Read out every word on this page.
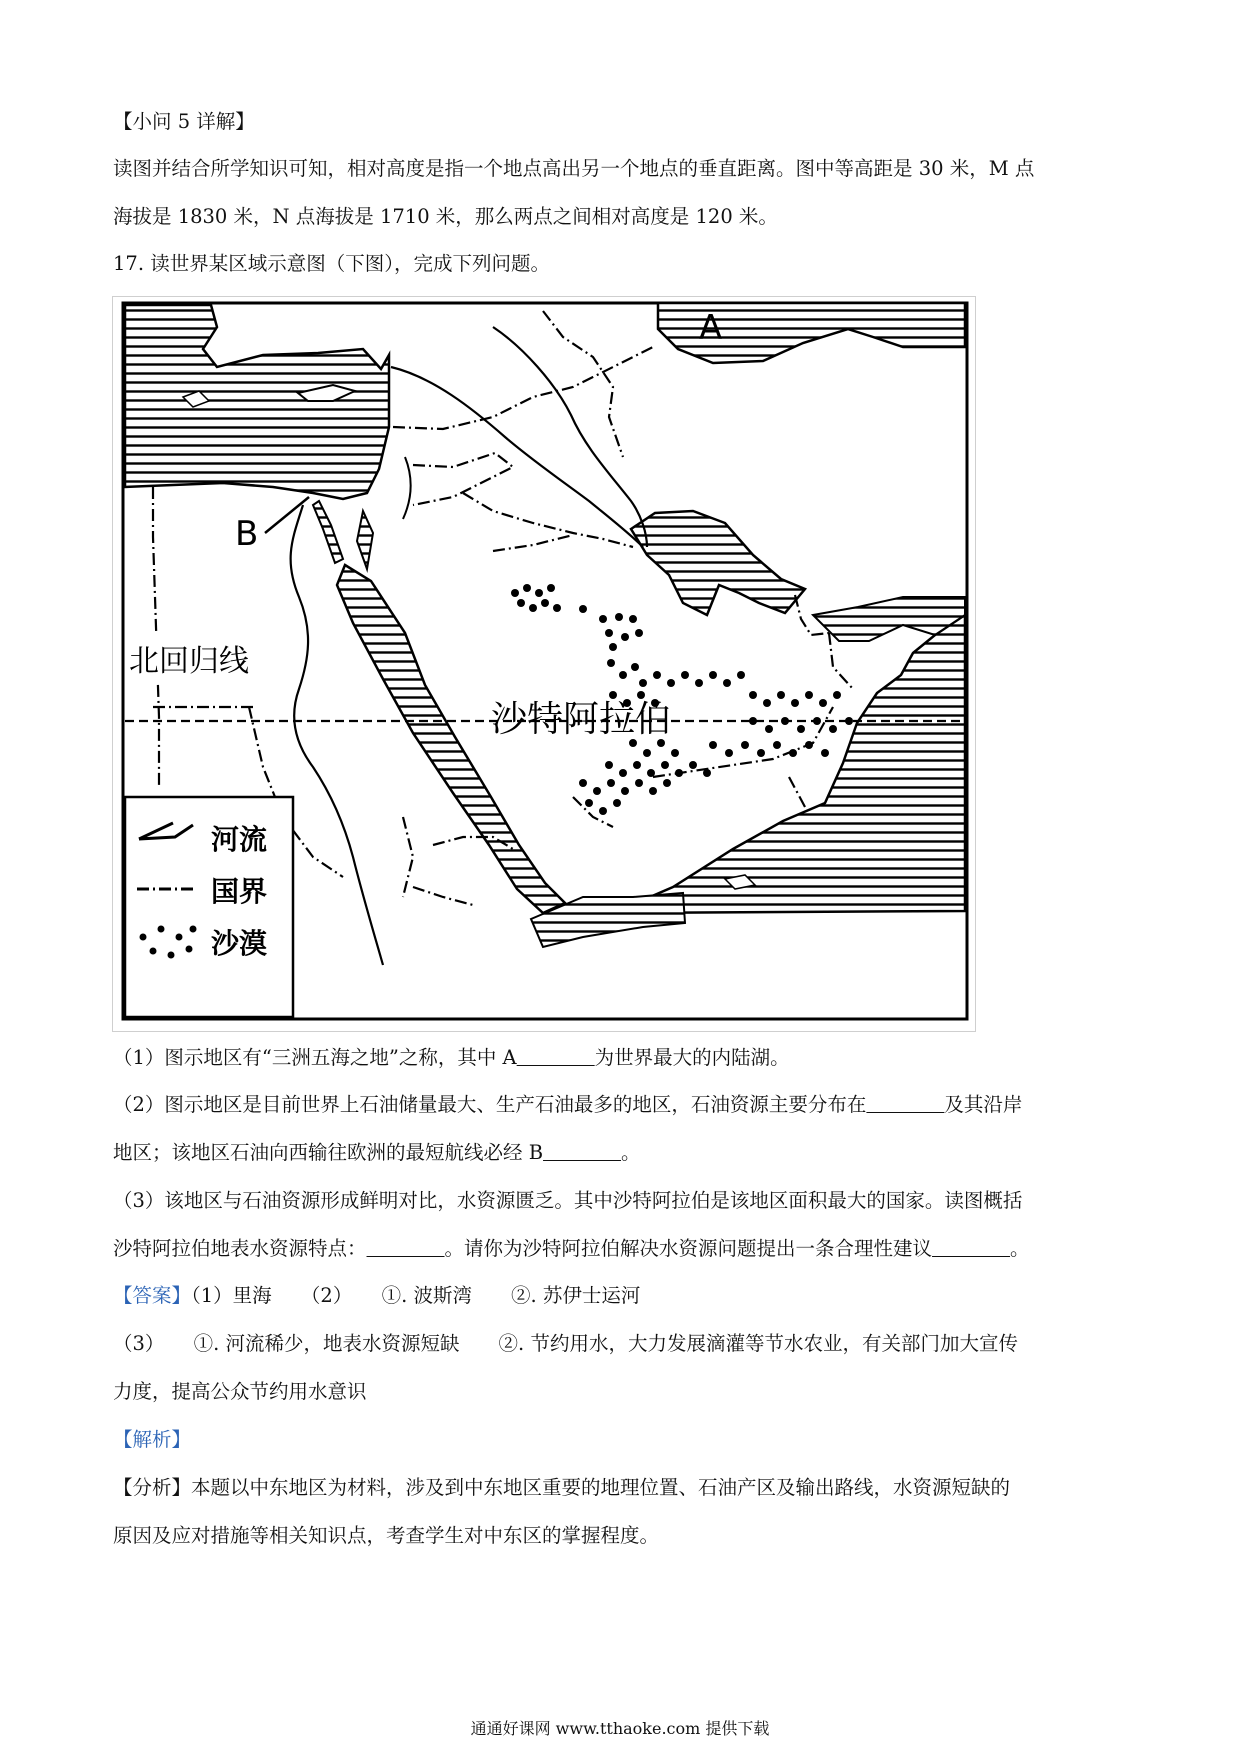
【小问 5 详解】
读图并结合所学知识可知，相对高度是指一个地点高出另一个地点的垂直距离。图中等高距是 30 米，M 点
海拔是 1830 米，N 点海拔是 1710 米，那么两点之间相对高度是 120 米。
17. 读世界某区域示意图（下图），完成下列问题。
A
B
北回归线
沙特阿拉伯
河流
国界
沙漠
（1）图示地区有“三洲五海之地”之称，其中 A    	为世界最大的内陆湖。
（2）图示地区是目前世界上石油储量最大、生产石油最多的地区，石油资源主要分布在    	及其沿岸
地区；该地区石油向西输往欧洲的最短航线必经 B    	。
（3）该地区与石油资源形成鲜明对比，水资源匮乏。其中沙特阿拉伯是该地区面积最大的国家。读图概括
沙特阿拉伯地表水资源特点：    	。请你为沙特阿拉伯解决水资源问题提出一条合理性建议    	。
【答案】（1）里海　　（2）　　①. 波斯湾　　②. 苏伊士运河
（3）　　①. 河流稀少，地表水资源短缺　　②. 节约用水，大力发展滴灌等节水农业，有关部门加大宣传
力度，提高公众节约用水意识
【解析】
【分析】本题以中东地区为材料，涉及到中东地区重要的地理位置、石油产区及输出路线，水资源短缺的
原因及应对措施等相关知识点，考查学生对中东区的掌握程度。
通通好课网 www.tthaoke.com 提供下载
